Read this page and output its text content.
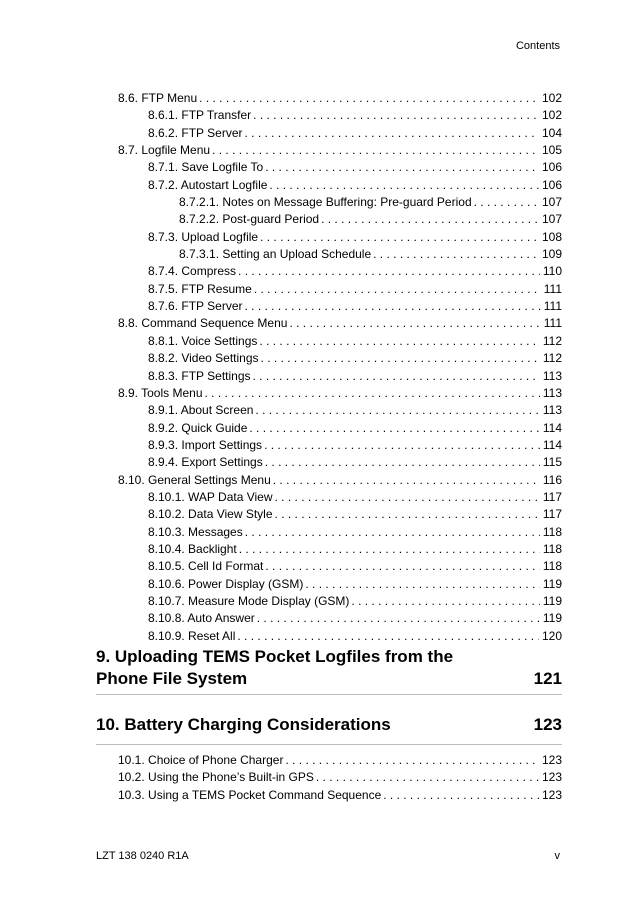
Contents
8.6. FTP Menu . . .	102
8.6.1. FTP Transfer . . .	102
8.6.2. FTP Server . . .	104
8.7. Logfile Menu . . .	105
8.7.1. Save Logfile To . . .	106
8.7.2. Autostart Logfile . . .	106
8.7.2.1. Notes on Message Buffering: Pre-guard Period . . .	107
8.7.2.2. Post-guard Period . . .	107
8.7.3. Upload Logfile . . .	108
8.7.3.1. Setting an Upload Schedule . . .	109
8.7.4. Compress . . .	110
8.7.5. FTP Resume . . .	111
8.7.6. FTP Server . . .	111
8.8. Command Sequence Menu . . .	111
8.8.1. Voice Settings . . .	112
8.8.2. Video Settings . . .	112
8.8.3. FTP Settings . . .	113
8.9. Tools Menu . . .	113
8.9.1. About Screen . . .	113
8.9.2. Quick Guide . . .	114
8.9.3. Import Settings . . .	114
8.9.4. Export Settings . . .	115
8.10. General Settings Menu . . .	116
8.10.1. WAP Data View . . .	117
8.10.2. Data View Style . . .	117
8.10.3. Messages . . .	118
8.10.4. Backlight . . .	118
8.10.5. Cell Id Format . . .	118
8.10.6. Power Display (GSM) . . .	119
8.10.7. Measure Mode Display (GSM) . . .	119
8.10.8. Auto Answer . . .	119
8.10.9. Reset All . . .	120
9. Uploading TEMS Pocket Logfiles from the
Phone File System	121
10. Battery Charging Considerations	123
10.1. Choice of Phone Charger . . .	123
10.2. Using the Phone’s Built-in GPS . . .	123
10.3. Using a TEMS Pocket Command Sequence . . .	123
LZT 138 0240 R1A	v
